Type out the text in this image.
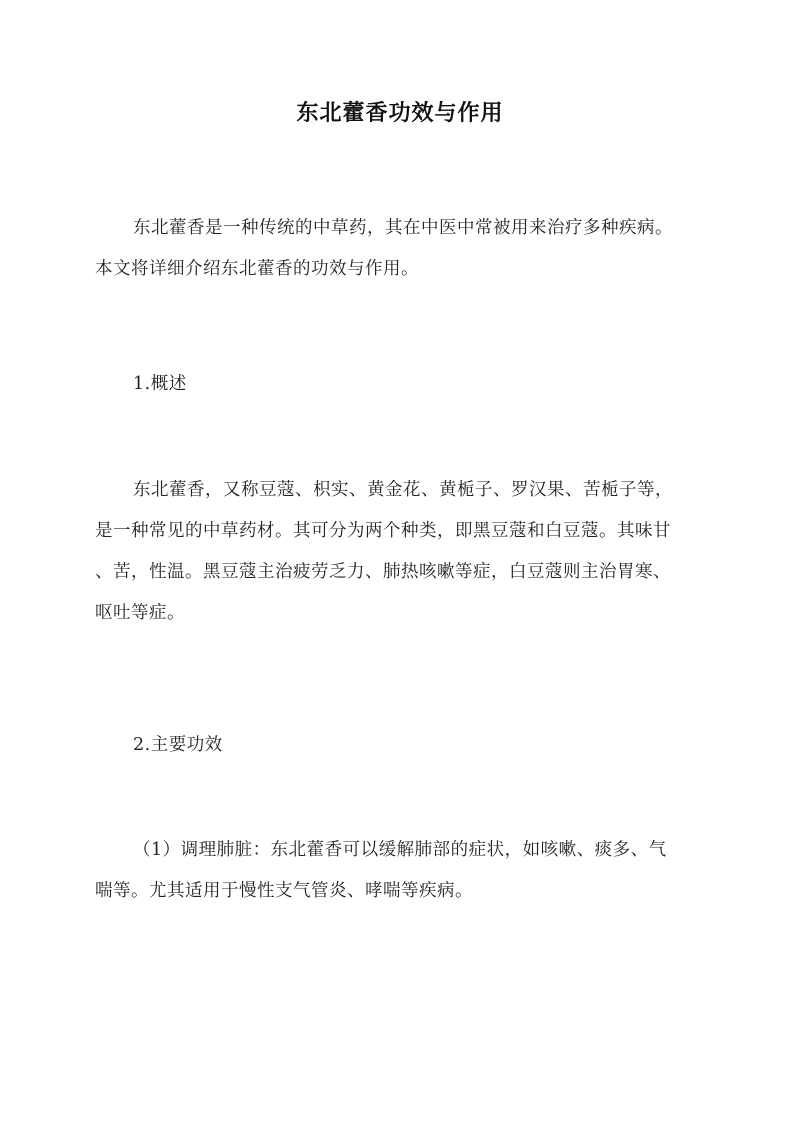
东北藿香功效与作用
东北藿香是一种传统的中草药，其在中医中常被用来治疗多种疾病。
本文将详细介绍东北藿香的功效与作用。
1.概述
东北藿香，又称豆蔻、枳实、黄金花、黄栀子、罗汉果、苦栀子等，
是一种常见的中草药材。其可分为两个种类，即黑豆蔻和白豆蔻。其味甘
、苦，性温。黑豆蔻主治疲劳乏力、肺热咳嗽等症，白豆蔻则主治胃寒、
呕吐等症。
2.主要功效
（1）调理肺脏：东北藿香可以缓解肺部的症状，如咳嗽、痰多、气
喘等。尤其适用于慢性支气管炎、哮喘等疾病。
